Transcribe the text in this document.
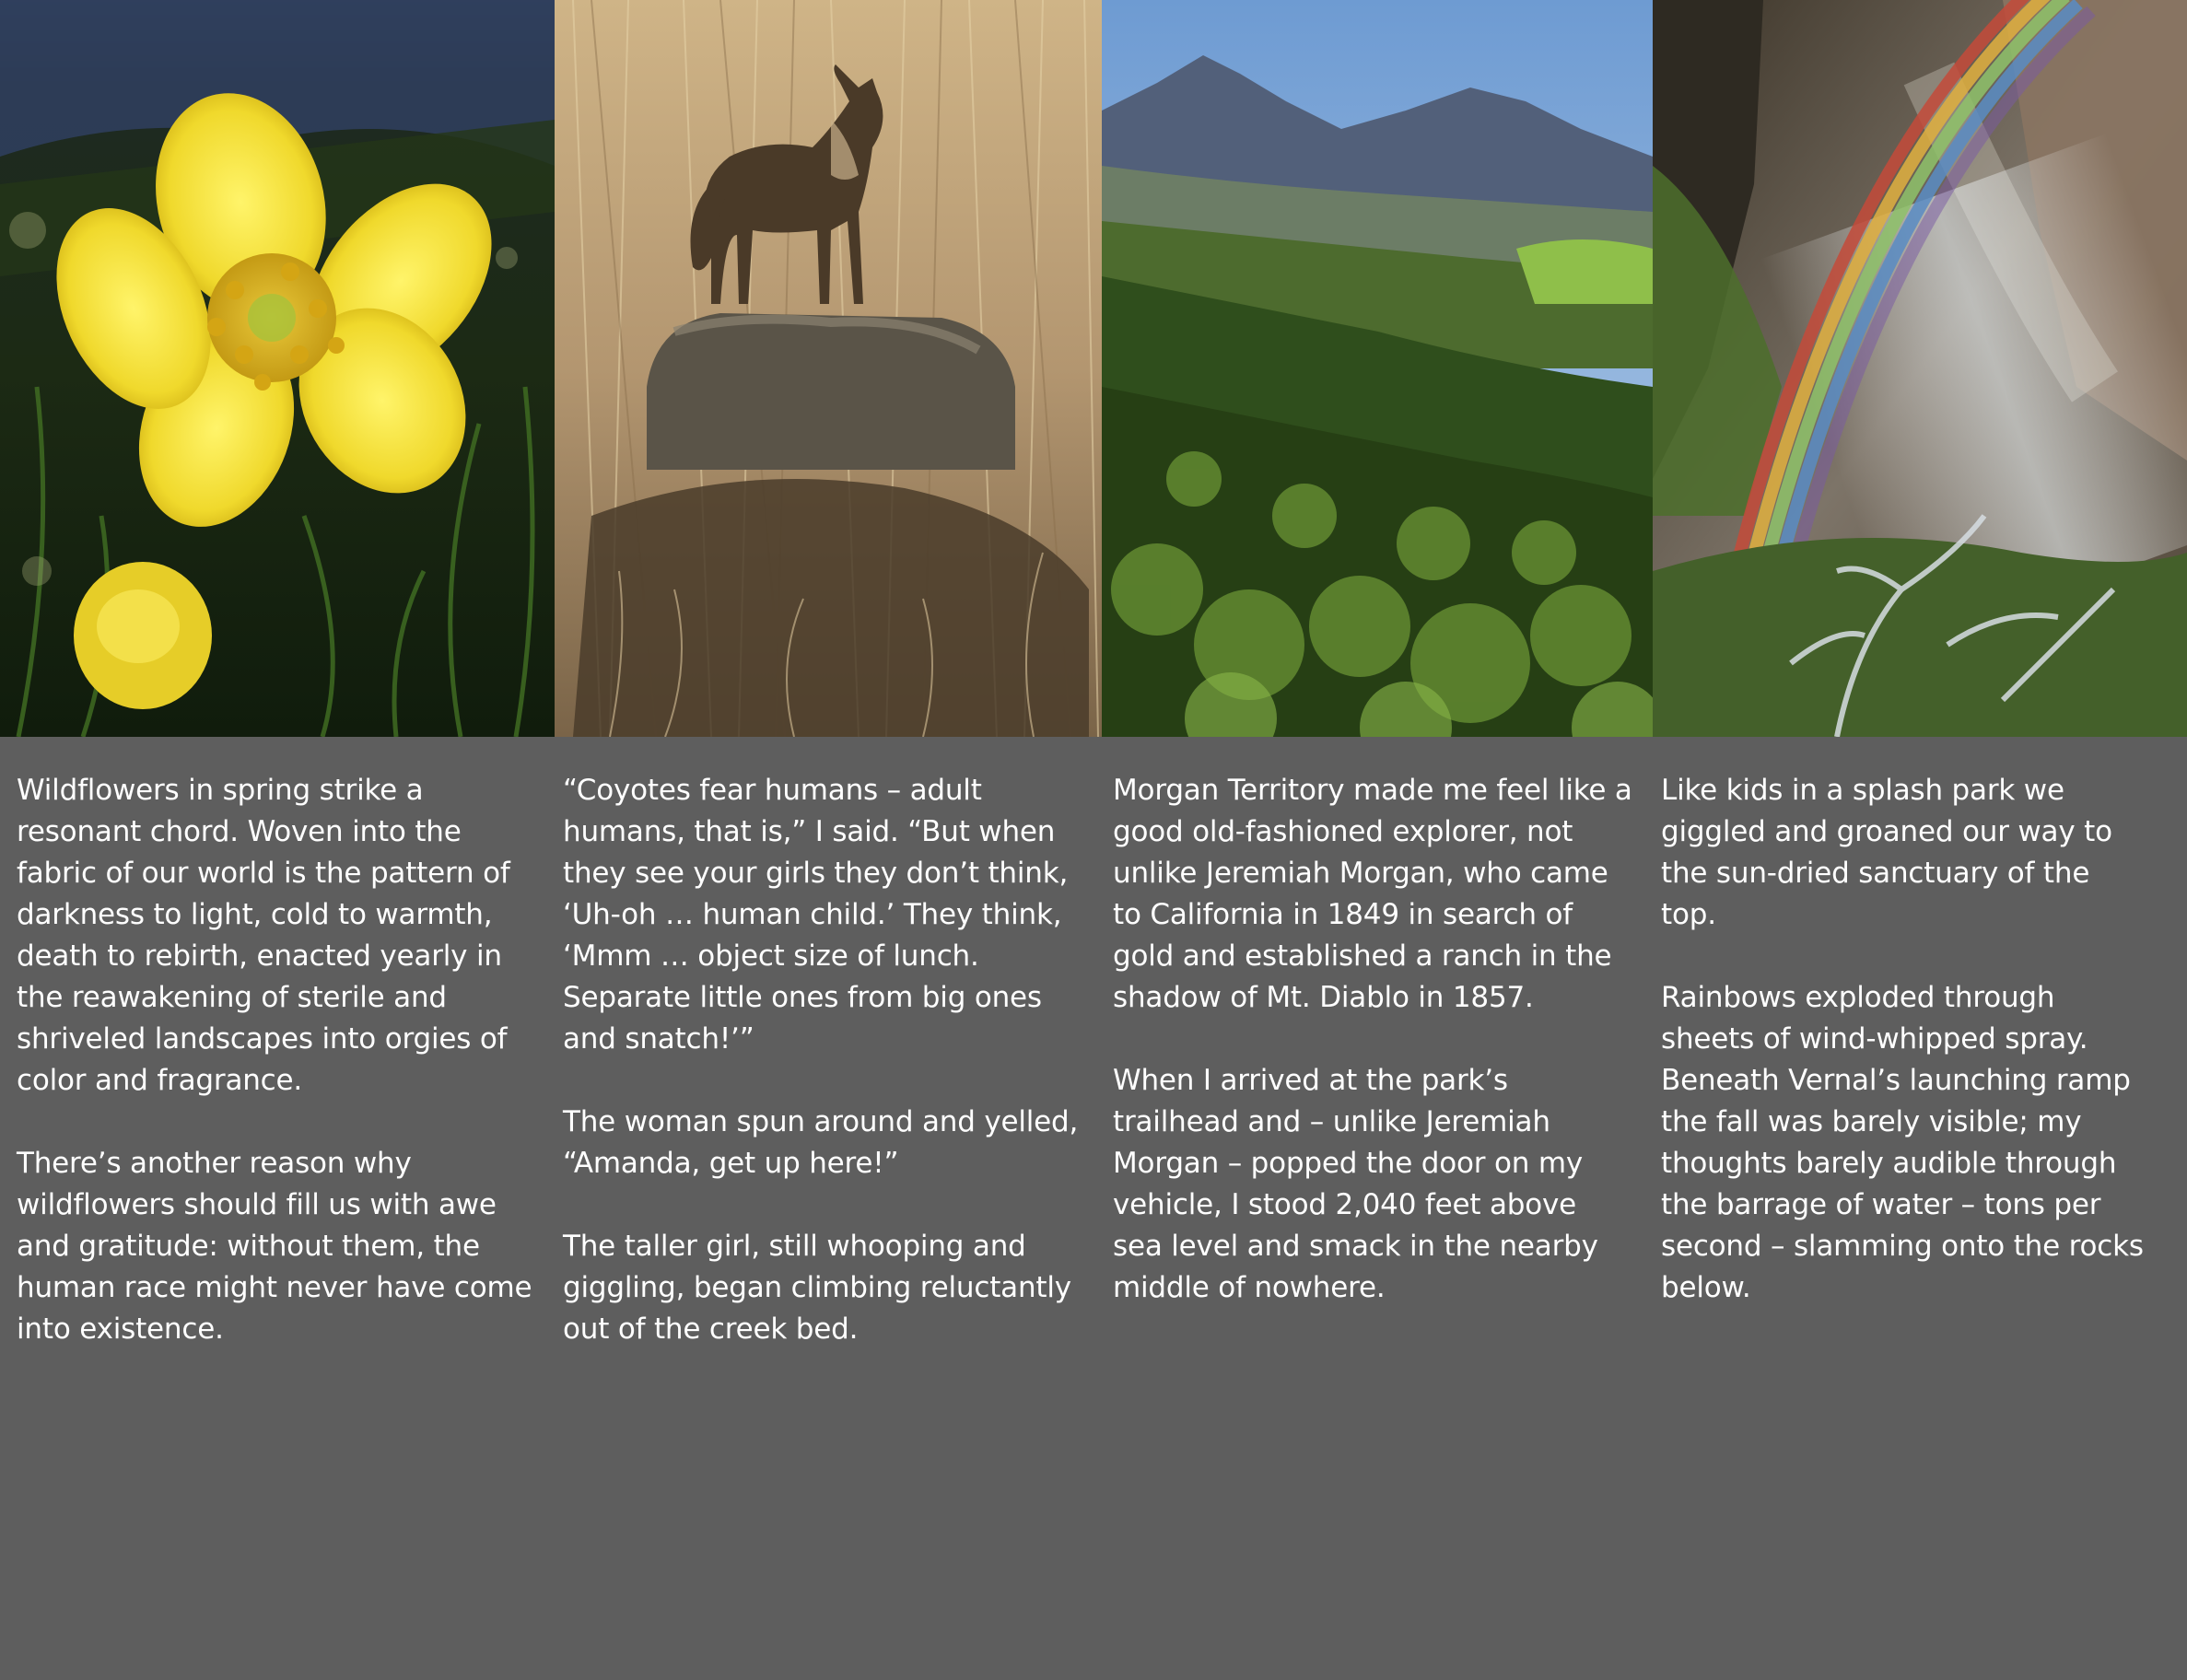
Wildflowers in spring strike a resonant chord. Woven into the fabric of our world is the pattern of darkness to light, cold to warmth, death to rebirth, enacted yearly in the reawakening of sterile and shriveled landscapes into orgies of color and fragrance.

There’s another reason why wildflowers should fill us with awe and gratitude: without them, the human race might never have come into existence.

“Coyotes fear humans – adult humans, that is,” I said. “But when they see your girls they don’t think, ‘Uh-oh … human child.’ They think, ‘Mmm … object size of lunch. Separate little ones from big ones and snatch!’”

The woman spun around and yelled, “Amanda, get up here!”

The taller girl, still whooping and giggling, began climbing reluctantly out of the creek bed.

Morgan Territory made me feel like a good old-fashioned explorer, not unlike Jeremiah Morgan, who came to California in 1849 in search of gold and established a ranch in the shadow of Mt. Diablo in 1857.

When I arrived at the park’s trailhead and – unlike Jeremiah Morgan – popped the door on my vehicle, I stood 2,040 feet above sea level and smack in the nearby middle of nowhere.

Like kids in a splash park we giggled and groaned our way to the sun-dried sanctuary of the top.

Rainbows exploded through sheets of wind-whipped spray. Beneath Vernal’s launching ramp the fall was barely visible; my thoughts barely audible through the barrage of water – tons per second – slamming onto the rocks below.
